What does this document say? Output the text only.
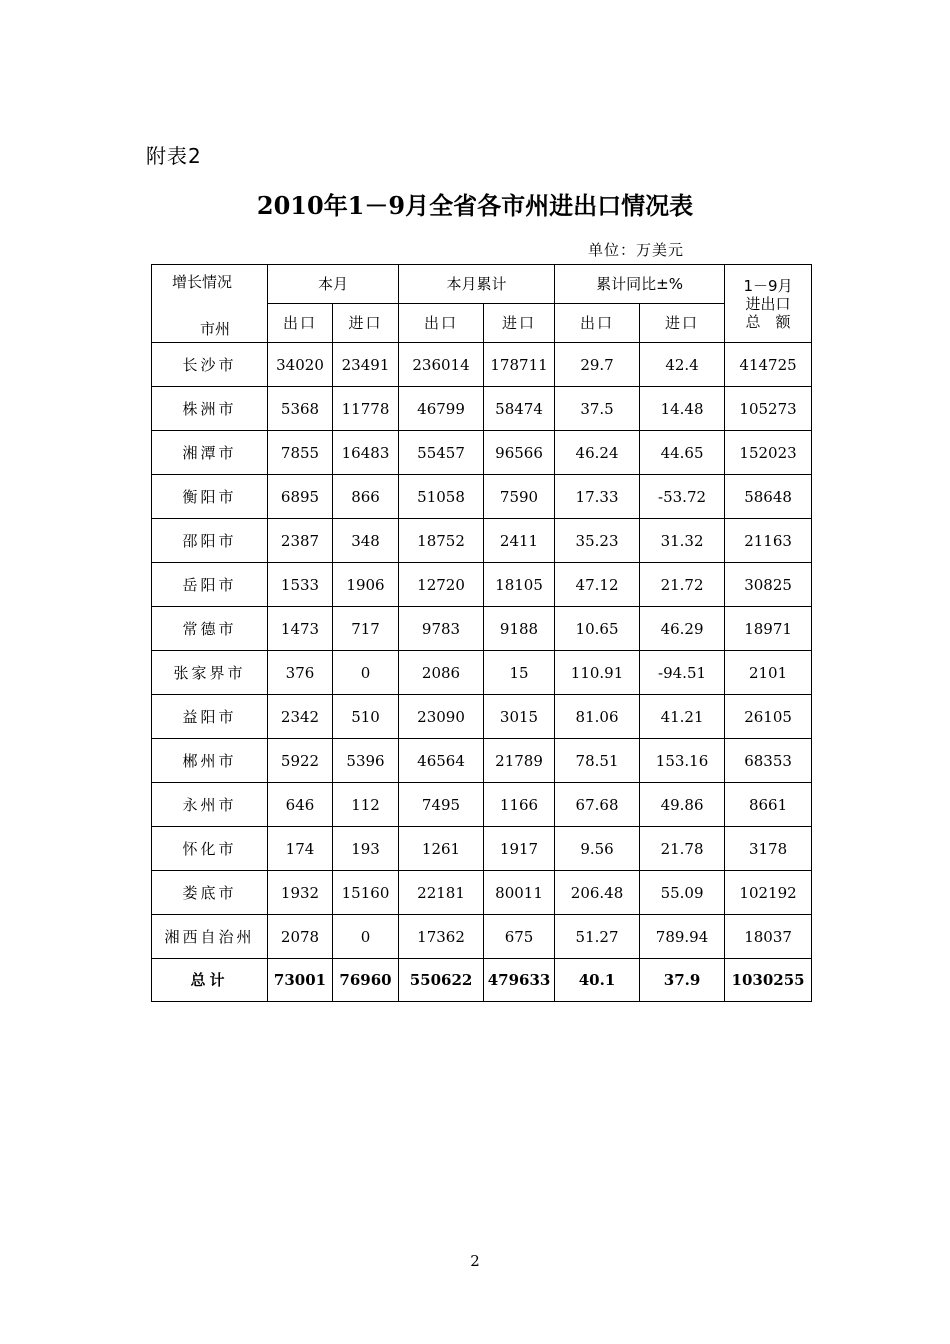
附表2
2010年1－9月全省各市州进出口情况表
单位：万美元
增长情况
市州	本月		本月累计		累计同比±%		1－9月
进出口
总　额

	出口	进口	出口	进口	出口	进口	
长沙市	34020	23491	236014	178711	29.7	42.4	414725
株洲市	5368	11778	46799	58474	37.5	14.48	105273
湘潭市	7855	16483	55457	96566	46.24	44.65	152023
衡阳市	6895	866	51058	7590	17.33	-53.72	58648
邵阳市	2387	348	18752	2411	35.23	31.32	21163
岳阳市	1533	1906	12720	18105	47.12	21.72	30825
常德市	1473	717	9783	9188	10.65	46.29	18971
张家界市	376	0	2086	15	110.91	-94.51	2101
益阳市	2342	510	23090	3015	81.06	41.21	26105
郴州市	5922	5396	46564	21789	78.51	153.16	68353
永州市	646	112	7495	1166	67.68	49.86	8661
怀化市	174	193	1261	1917	9.56	21.78	3178
娄底市	1932	15160	22181	80011	206.48	55.09	102192
湘西自治州	2078	0	17362	675	51.27	789.94	18037
总计	73001	76960	550622	479633	40.1	37.9	1030255
2
